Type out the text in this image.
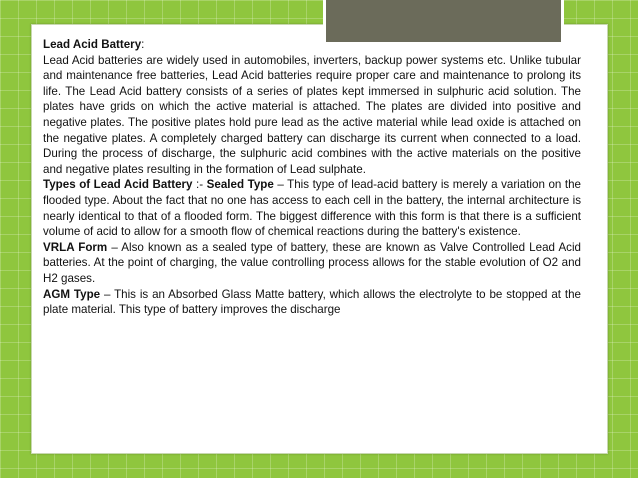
Lead Acid Battery:
Lead Acid batteries are widely used in automobiles, inverters, backup power systems etc. Unlike tubular and maintenance free batteries, Lead Acid batteries require proper care and maintenance to prolong its life. The Lead Acid battery consists of a series of plates kept immersed in sulphuric acid solution. The plates have grids on which the active material is attached. The plates are divided into positive and negative plates. The positive plates hold pure lead as the active material while lead oxide is attached on the negative plates. A completely charged battery can discharge its current when connected to a load. During the process of discharge, the sulphuric acid combines with the active materials on the positive and negative plates resulting in the formation of Lead sulphate.

Types of Lead Acid Battery :- Sealed Type – This type of lead-acid battery is merely a variation on the flooded type. About the fact that no one has access to each cell in the battery, the internal architecture is nearly identical to that of a flooded form. The biggest difference with this form is that there is a sufficient volume of acid to allow for a smooth flow of chemical reactions during the battery's existence.

VRLA Form – Also known as a sealed type of battery, these are known as Valve Controlled Lead Acid batteries. At the point of charging, the value controlling process allows for the stable evolution of O2 and H2 gases.

AGM Type – This is an Absorbed Glass Matte battery, which allows the electrolyte to be stopped at the plate material. This type of battery improves the discharge
